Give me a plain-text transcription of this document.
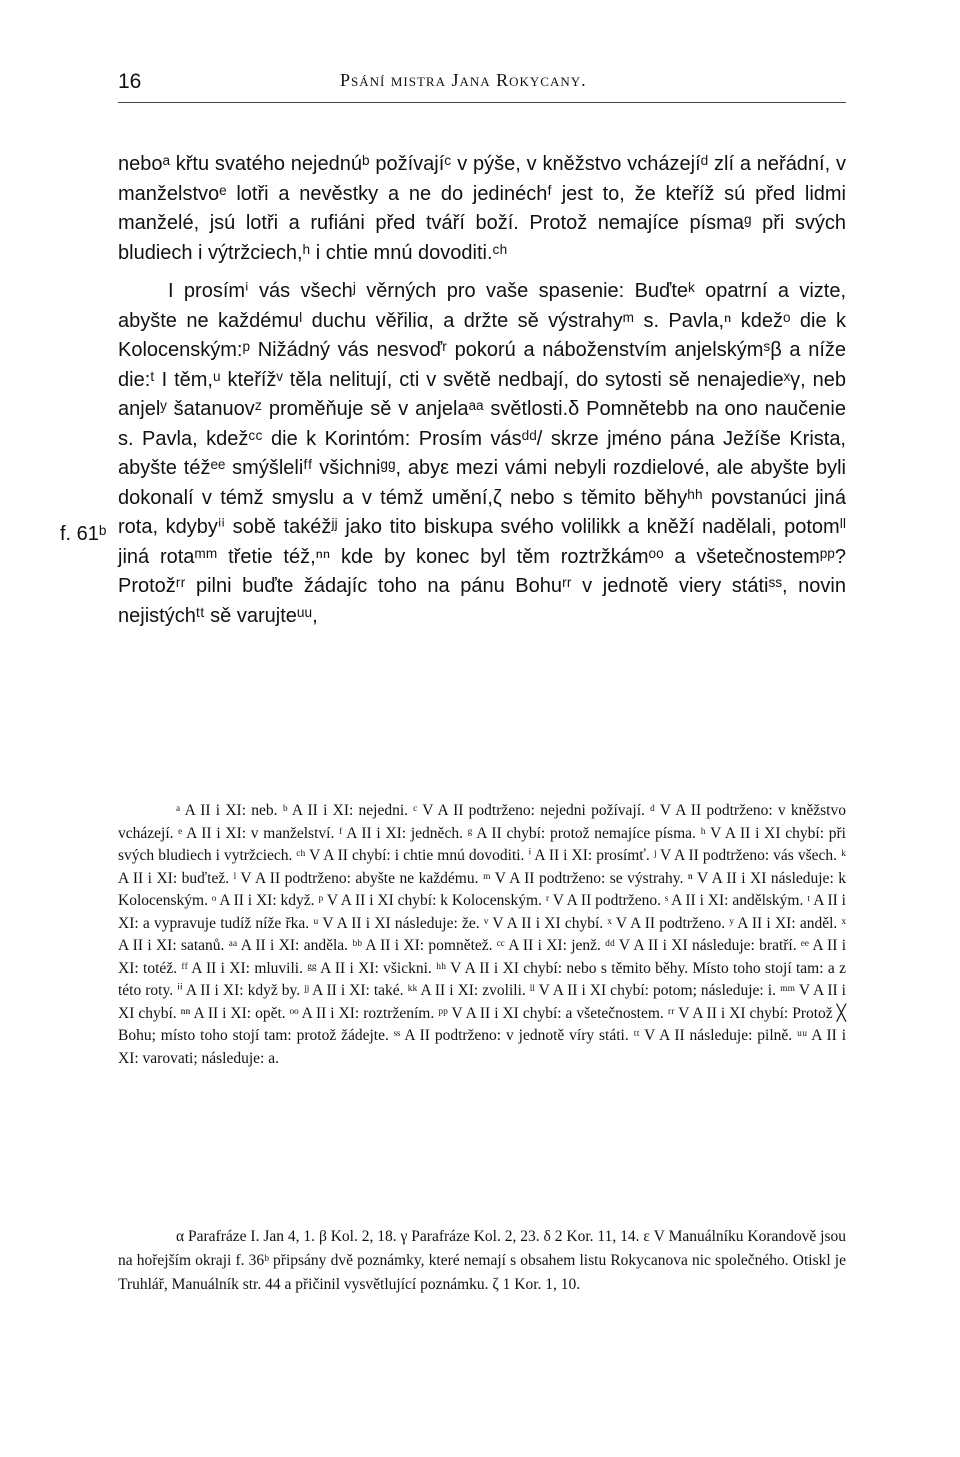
16	Psání mistra Jana Rokycany.
f. 61ᵇ

neboᵃ křtu svatého nejednúᵇ požívajíᶜ v pýše, v kněžstvo vcházejíᵈ zlí a neřádní, v manželstvoᵉ lotři a nevěstky a ne do jedinéchᶠ jest to, že kteříž sú před lidmi manželé, jsú lotři a rufiáni před tváří boží. Protož nemajíce písmaᵍ při svých bludiech i výtržciech,ʰ i chtie mnú dovoditi.ᶜʰ

I prosímⁱ vás všechʲ věrných pro vaše spasenie: Buďteᵏ opatrní a vizte, abyšte ne každémuˡ duchu věřiliα, a držte sě výstrahyᵐ s. Pavla,ⁿ kdežᵒ die k Kolocenským:ᵖ Nižádný vás nesvoďʳ pokorú a náboženstvím anjelskýmˢβ a níže die:ᵗ I těm,ᵘ kteřížᵛ těla nelitují, cti v světě nedbají, do sytosti sě nenajedieˣγ, neb anjelʸ šatanuovᶻ proměňuje sě v anjelaᵃᵃ světlosti.δ Pomnětebb na ono naučenie s. Pavla, kdežᶜᶜ die k Korintóm: Prosím vásᵈᵈ/ skrze jméno pána Ježíše Krista, abyšte téžᵉᵉ smýšleliᶠᶠ všichniᵍᵍ, abyε mezi vámi nebyli rozdielové, ale abyšte byli dokonalí v témž smyslu a v témž umění,ζ nebo s těmito běhyʰʰ povstanúci jiná rota, kdybyⁱⁱ sobě takéžʲʲ jako tito biskupa svého volilikk a kněží nadělali, potomˡˡ jiná rotaᵐᵐ třetie též,ⁿⁿ kde by konec byl těm roztržkámᵒᵒ a všetečnostemᵖᵖ? Protožʳʳ pilni buďte žádajíc toho na pánu Bohuʳʳ v jednotě viery státiˢˢ, novin nejistýchᵗᵗ sě varujteᵘᵘ,

ᵃ A II i XI: neb. ᵇ A II i XI: nejedni. ᶜ V A II podtrženo: nejedni požívají. ᵈ V A II podtrženo: v kněžstvo vcházejí. ᵉ A II i XI: v manželství. ᶠ A II i XI: jedněch. ᵍ A II chybí: protož nemajíce písma. ʰ V A II i XI chybí: při svých bludiech i vytržciech. ᶜʰ V A II chybí: i chtie mnú dovoditi. ⁱ A II i XI: prosímť. ʲ V A II podtrženo: vás všech. ᵏ A II i XI: buďtež. ˡ V A II podtrženo: abyšte ne každému. ᵐ V A II podtrženo: se výstrahy. ⁿ V A II i XI následuje: k Kolocenským. ᵒ A II i XI: když. ᵖ V A II i XI chybí: k Kolocenským. ʳ V A II podtrženo. ˢ A II i XI: andělským. ᵗ A II i XI: a vypravuje tudíž níže řka. ᵘ V A II i XI následuje: že. ᵛ V A II i XI chybí. ˣ V A II podtrženo. ʸ A II i XI: anděl. ˣ A II i XI: satanů. ᵃᵃ A II i XI: anděla. ᵇᵇ A II i XI: pomnětež. ᶜᶜ A II i XI: jenž. ᵈᵈ V A II i XI následuje: bratří. ᵉᵉ A II i XI: totéž. ᶠᶠ A II i XI: mluvili. ᵍᵍ A II i XI: všickni. ʰʰ V A II i XI chybí: nebo s těmito běhy. Místo toho stojí tam: a z této roty. ⁱⁱ A II i XI: když by. ʲʲ A II i XI: také. ᵏᵏ A II i XI: zvolili. ˡˡ V A II i XI chybí: potom; následuje: i. ᵐᵐ V A II i XI chybí. ⁿⁿ A II i XI: opět. ᵒᵒ A II i XI: roztržením. ᵖᵖ V A II i XI chybí: a všetečnostem. ʳʳ V A II i XI chybí: Protož ╳ Bohu; místo toho stojí tam: protož žádejte. ˢˢ A II podtrženo: v jednotě víry státi. ᵗᵗ V A II následuje: pilně. ᵘᵘ A II i XI: varovati; následuje: a.

α Parafráze I. Jan 4, 1. β Kol. 2, 18. γ Parafráze Kol. 2, 23. δ 2 Kor. 11, 14. ε V Manuálníku Korandově jsou na hořejším okraji f. 36ᵇ připsány dvě poznámky, které nemají s obsahem listu Rokycanova nic společného. Otiskl je Truhlář, Manuálník str. 44 a přičinil vysvětlující poznámku. ζ 1 Kor. 1, 10.
